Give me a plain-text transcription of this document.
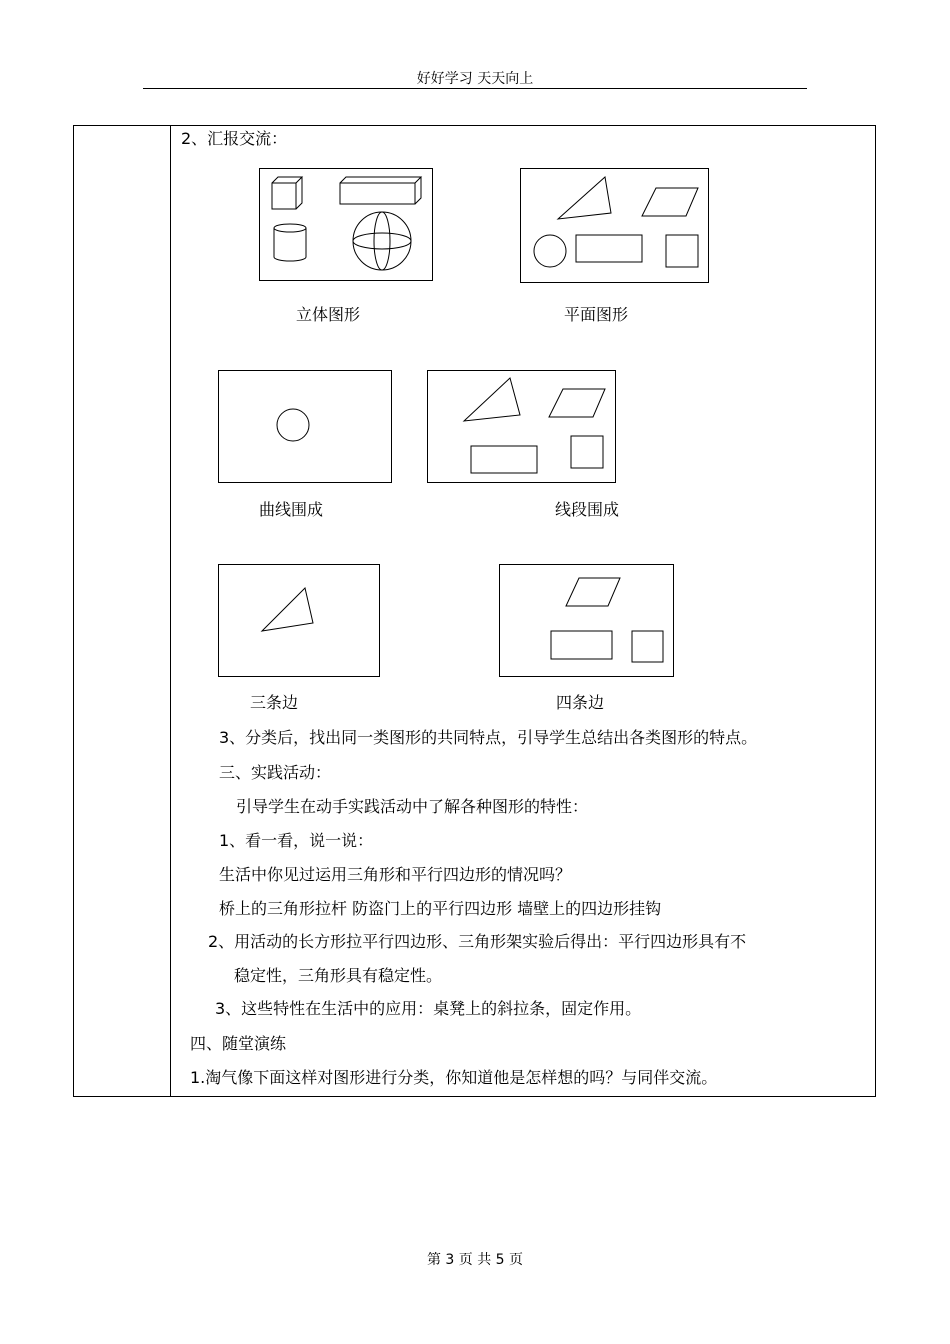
好好学习 天天向上
2、汇报交流：
立体图形	平面图形
曲线围成	线段围成
三条边	四条边
3、分类后，找出同一类图形的共同特点，引导学生总结出各类图形的特点。
三、实践活动：
引导学生在动手实践活动中了解各种图形的特性：
1、看一看，说一说：
生活中你见过运用三角形和平行四边形的情况吗？
桥上的三角形拉杆 防盗门上的平行四边形 墙壁上的四边形挂钩
2、用活动的长方形拉平行四边形、三角形架实验后得出：平行四边形具有不
稳定性，三角形具有稳定性。
3、这些特性在生活中的应用：桌凳上的斜拉条，固定作用。
四、随堂演练
1.淘气像下面这样对图形进行分类，你知道他是怎样想的吗？与同伴交流。
第 3 页 共 5 页
